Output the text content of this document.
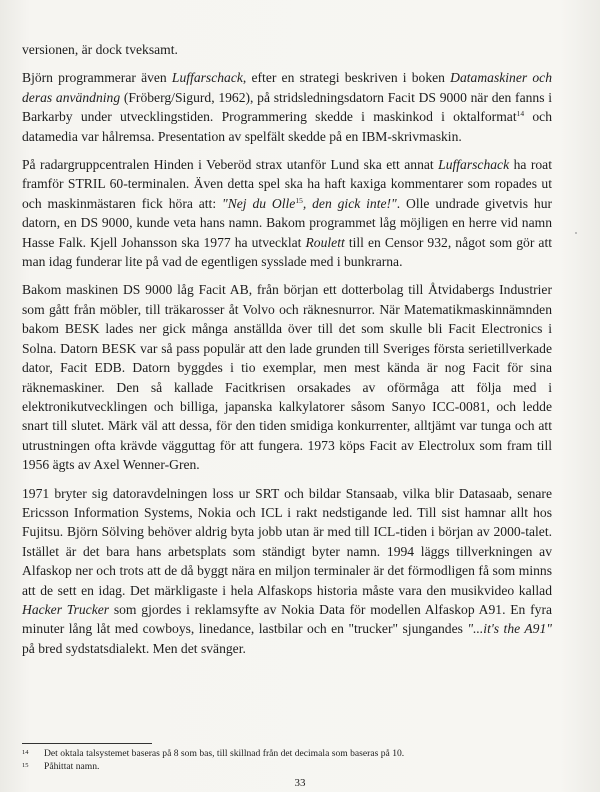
versionen, är dock tveksamt.

Björn programmerar även Luffarschack, efter en strategi beskriven i boken Datamaskiner och deras användning (Fröberg/Sigurd, 1962), på stridsledningsdatorn Facit DS 9000 när den fanns i Barkarby under utvecklingstiden. Programmering skedde i maskinkod i oktalformat$^{14}$ och datamedia var hålremsa. Presentation av spelfält skedde på en IBM-skrivmaskin.

På radargruppcentralen Hinden i Veberöd strax utanför Lund ska ett annat Luffarschack ha roat framför STRIL 60-terminalen. Även detta spel ska ha haft kaxiga kommentarer som ropades ut och maskinmästaren fick höra att: "Nej du Olle$^{15}$, den gick inte!". Olle undrade givetvis hur datorn, en DS 9000, kunde veta hans namn. Bakom programmet låg möjligen en herre vid namn Hasse Falk. Kjell Johansson ska 1977 ha utvecklat Roulett till en Censor 932, något som gör att man idag funderar lite på vad de egentligen sysslade med i bunkrarna.

Bakom maskinen DS 9000 låg Facit AB, från början ett dotterbolag till Åtvidabergs Industrier som gått från möbler, till träkarosser åt Volvo och räknesnurror. När Matematikmaskinnämnden bakom BESK lades ner gick många anställda över till det som skulle bli Facit Electronics i Solna. Datorn BESK var så pass populär att den lade grunden till Sveriges första serietillverkade dator, Facit EDB. Datorn byggdes i tio exemplar, men mest kända är nog Facit för sina räknemaskiner. Den så kallade Facitkrisen orsakades av oförmåga att följa med i elektronikutvecklingen och billiga, japanska kalkylatorer såsom Sanyo ICC-0081, och ledde snart till slutet. Märk väl att dessa, för den tiden smidiga konkurrenter, alltjämt var tunga och att utrustningen ofta krävde vägguttag för att fungera. 1973 köps Facit av Electrolux som fram till 1956 ägts av Axel Wenner-Gren.

1971 bryter sig datoravdelningen loss ur SRT och bildar Stansaab, vilka blir Datasaab, senare Ericsson Information Systems, Nokia och ICL i rakt nedstigande led. Till sist hamnar allt hos Fujitsu. Björn Sölving behöver aldrig byta jobb utan är med till ICL-tiden i början av 2000-talet. Istället är det bara hans arbetsplats som ständigt byter namn. 1994 läggs tillverkningen av Alfaskop ner och trots att de då byggt nära en miljon terminaler är det förmodligen få som minns att de sett en idag. Det märkligaste i hela Alfaskops historia måste vara den musikvideo kallad Hacker Trucker som gjordes i reklamsyfte av Nokia Data för modellen Alfaskop A91. En fyra minuter lång låt med cowboys, linedance, lastbilar och en "trucker" sjungandes "...it's the A91" på bred sydstatsdialekt. Men det svänger.

14	Det oktala talsystemet baseras på 8 som bas, till skillnad från det decimala som baseras på 10.
15	Påhittat namn.
33
